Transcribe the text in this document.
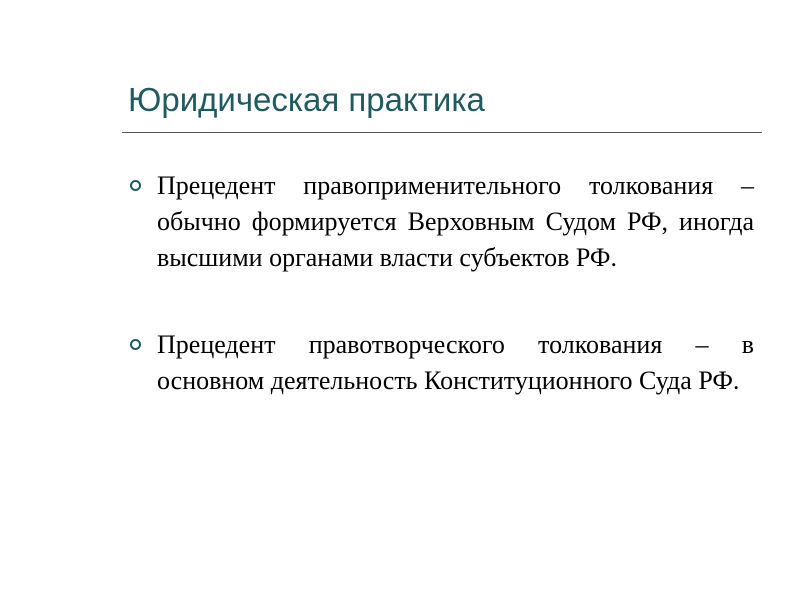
Юридическая практика
Прецедент правоприменительного толкования – обычно формируется Верховным Судом РФ, иногда высшими органами власти субъектов РФ.
Прецедент правотворческого толкования – в основном деятельность Конституционного Суда РФ.
